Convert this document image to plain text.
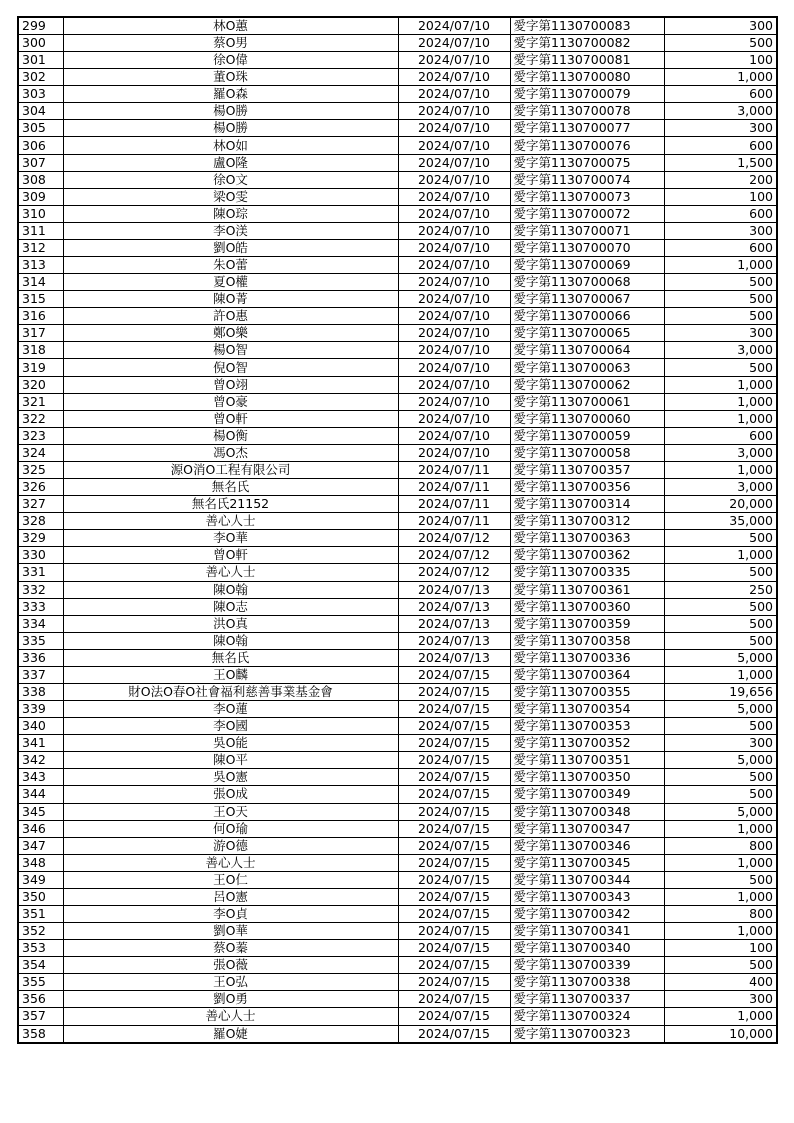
299	林O蕙	2024/07/10	愛字第1130700083	300
300	蔡O男	2024/07/10	愛字第1130700082	500
301	徐O偉	2024/07/10	愛字第1130700081	100
302	董O珠	2024/07/10	愛字第1130700080	1,000
303	羅O森	2024/07/10	愛字第1130700079	600
304	楊O勝	2024/07/10	愛字第1130700078	3,000
305	楊O勝	2024/07/10	愛字第1130700077	300
306	林O如	2024/07/10	愛字第1130700076	600
307	盧O隆	2024/07/10	愛字第1130700075	1,500
308	徐O文	2024/07/10	愛字第1130700074	200
309	梁O雯	2024/07/10	愛字第1130700073	100
310	陳O琮	2024/07/10	愛字第1130700072	600
311	李O渼	2024/07/10	愛字第1130700071	300
312	劉O皓	2024/07/10	愛字第1130700070	600
313	朱O蕾	2024/07/10	愛字第1130700069	1,000
314	夏O權	2024/07/10	愛字第1130700068	500
315	陳O菁	2024/07/10	愛字第1130700067	500
316	許O惠	2024/07/10	愛字第1130700066	500
317	鄭O樂	2024/07/10	愛字第1130700065	300
318	楊O智	2024/07/10	愛字第1130700064	3,000
319	倪O智	2024/07/10	愛字第1130700063	500
320	曾O翊	2024/07/10	愛字第1130700062	1,000
321	曾O豪	2024/07/10	愛字第1130700061	1,000
322	曾O軒	2024/07/10	愛字第1130700060	1,000
323	楊O衡	2024/07/10	愛字第1130700059	600
324	馮O杰	2024/07/10	愛字第1130700058	3,000
325	源O消O工程有限公司	2024/07/11	愛字第1130700357	1,000
326	無名氏	2024/07/11	愛字第1130700356	3,000
327	無名氏21152	2024/07/11	愛字第1130700314	20,000
328	善心人士	2024/07/11	愛字第1130700312	35,000
329	李O華	2024/07/12	愛字第1130700363	500
330	曾O軒	2024/07/12	愛字第1130700362	1,000
331	善心人士	2024/07/12	愛字第1130700335	500
332	陳O翰	2024/07/13	愛字第1130700361	250
333	陳O志	2024/07/13	愛字第1130700360	500
334	洪O真	2024/07/13	愛字第1130700359	500
335	陳O翰	2024/07/13	愛字第1130700358	500
336	無名氏	2024/07/13	愛字第1130700336	5,000
337	王O麟	2024/07/15	愛字第1130700364	1,000
338	財O法O春O社會福利慈善事業基金會	2024/07/15	愛字第1130700355	19,656
339	李O蓮	2024/07/15	愛字第1130700354	5,000
340	李O國	2024/07/15	愛字第1130700353	500
341	吳O能	2024/07/15	愛字第1130700352	300
342	陳O平	2024/07/15	愛字第1130700351	5,000
343	吳O憲	2024/07/15	愛字第1130700350	500
344	張O成	2024/07/15	愛字第1130700349	500
345	王O天	2024/07/15	愛字第1130700348	5,000
346	何O瑜	2024/07/15	愛字第1130700347	1,000
347	游O德	2024/07/15	愛字第1130700346	800
348	善心人士	2024/07/15	愛字第1130700345	1,000
349	王O仁	2024/07/15	愛字第1130700344	500
350	呂O憲	2024/07/15	愛字第1130700343	1,000
351	李O貞	2024/07/15	愛字第1130700342	800
352	劉O華	2024/07/15	愛字第1130700341	1,000
353	蔡O蓁	2024/07/15	愛字第1130700340	100
354	張O薇	2024/07/15	愛字第1130700339	500
355	王O弘	2024/07/15	愛字第1130700338	400
356	劉O勇	2024/07/15	愛字第1130700337	300
357	善心人士	2024/07/15	愛字第1130700324	1,000
358	羅O婕	2024/07/15	愛字第1130700323	10,000
